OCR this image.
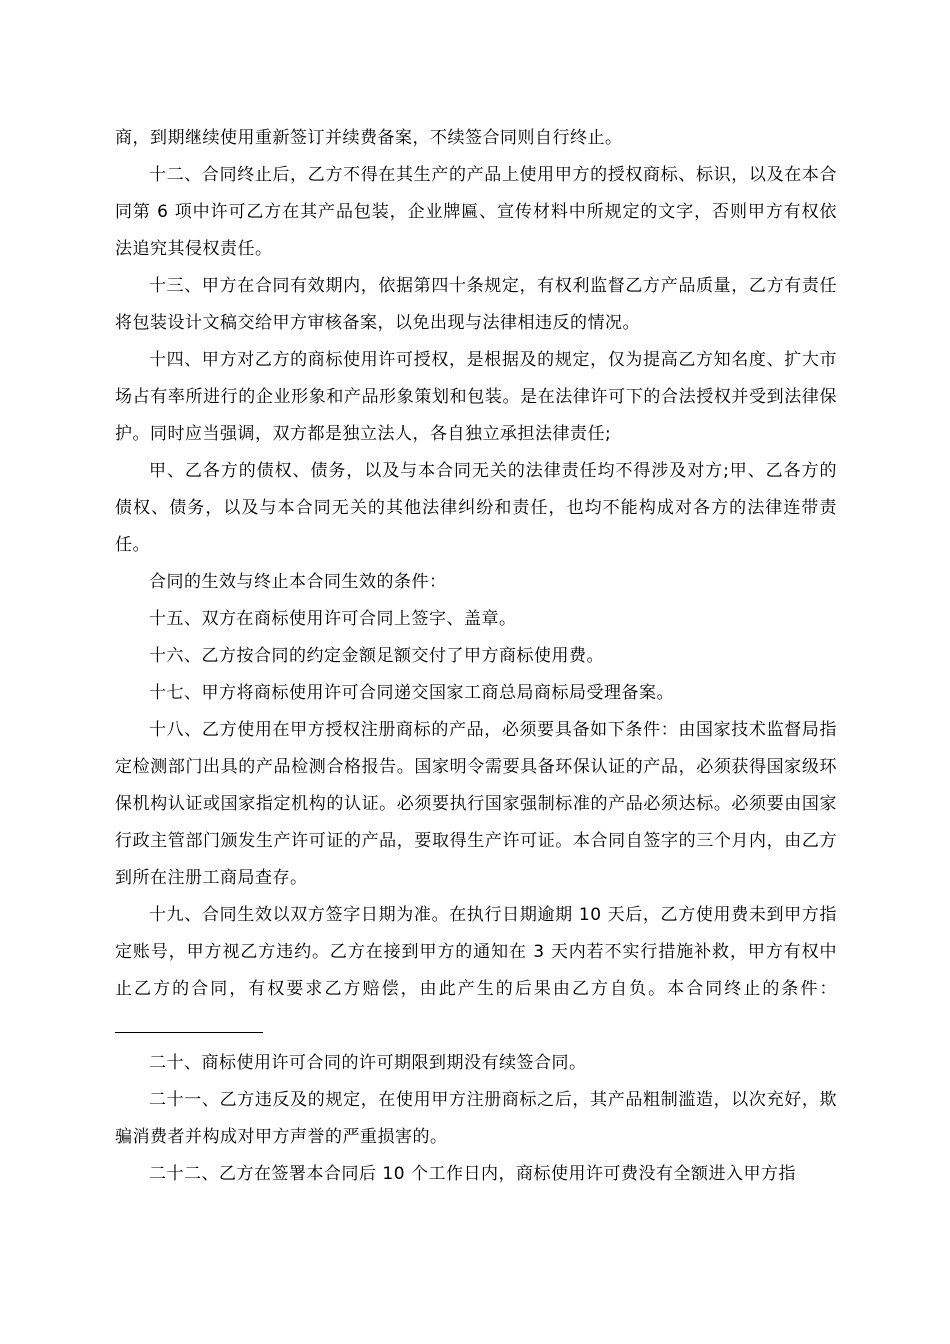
商，到期继续使用重新签订并续费备案，不续签合同则自行终止。

十二、合同终止后，乙方不得在其生产的产品上使用甲方的授权商标、标识，以及在本合同第 6 项中许可乙方在其产品包装，企业牌匾、宣传材料中所规定的文字，否则甲方有权依法追究其侵权责任。

十三、甲方在合同有效期内，依据第四十条规定，有权利监督乙方产品质量，乙方有责任将包装设计文稿交给甲方审核备案，以免出现与法律相违反的情况。

十四、甲方对乙方的商标使用许可授权，是根据及的规定，仅为提高乙方知名度、扩大市场占有率所进行的企业形象和产品形象策划和包装。是在法律许可下的合法授权并受到法律保护。同时应当强调，双方都是独立法人，各自独立承担法律责任;

甲、乙各方的债权、债务，以及与本合同无关的法律责任均不得涉及对方;甲、乙各方的债权、债务，以及与本合同无关的其他法律纠纷和责任，也均不能构成对各方的法律连带责任。

合同的生效与终止本合同生效的条件：

十五、双方在商标使用许可合同上签字、盖章。

十六、乙方按合同的约定金额足额交付了甲方商标使用费。

十七、甲方将商标使用许可合同递交国家工商总局商标局受理备案。

十八、乙方使用在甲方授权注册商标的产品，必须要具备如下条件：由国家技术监督局指定检测部门出具的产品检测合格报告。国家明令需要具备环保认证的产品，必须获得国家级环保机构认证或国家指定机构的认证。必须要执行国家强制标准的产品必须达标。必须要由国家行政主管部门颁发生产许可证的产品，要取得生产许可证。本合同自签字的三个月内，由乙方到所在注册工商局查存。

十九、合同生效以双方签字日期为准。在执行日期逾期 10 天后，乙方使用费未到甲方指定账号，甲方视乙方违约。乙方在接到甲方的通知在 3 天内若不实行措施补救，甲方有权中止乙方的合同，有权要求乙方赔偿，由此产生的后果由乙方自负。本合同终止的条件：

二十、商标使用许可合同的许可期限到期没有续签合同。

二十一、乙方违反及的规定，在使用甲方注册商标之后，其产品粗制滥造，以次充好，欺骗消费者并构成对甲方声誉的严重损害的。

二十二、乙方在签署本合同后 10 个工作日内，商标使用许可费没有全额进入甲方指
